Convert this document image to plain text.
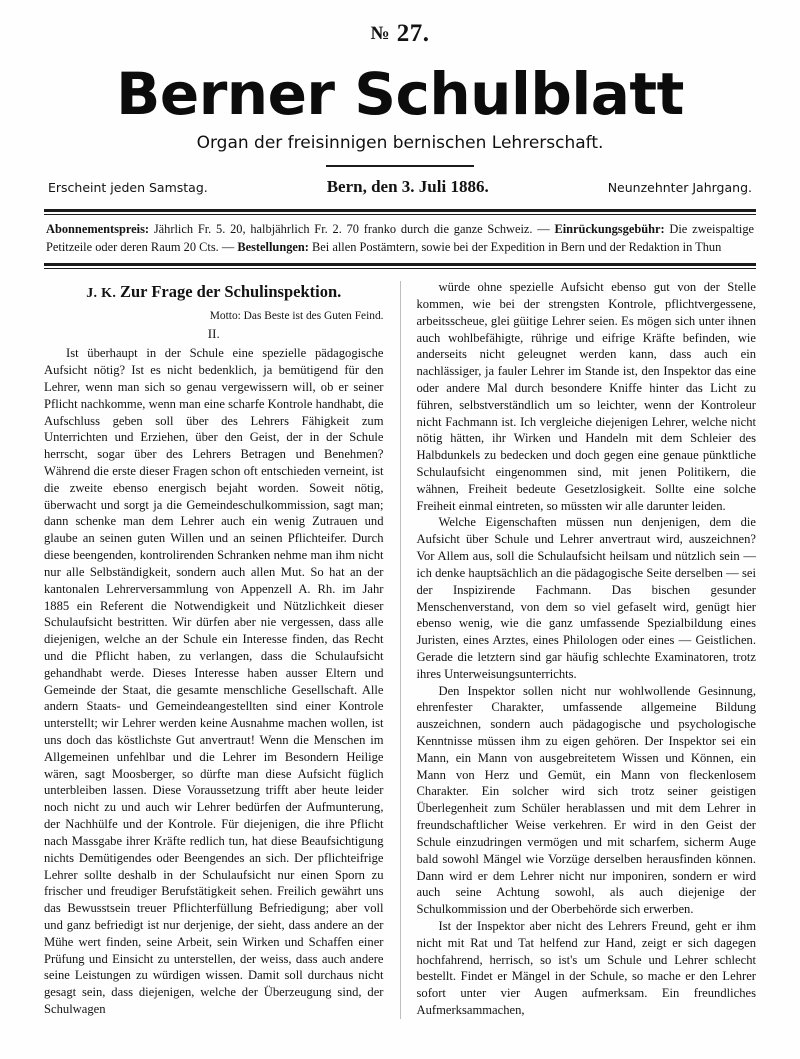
№ 27.
Berner Schulblatt
Organ der freisinnigen bernischen Lehrerschaft.
Erscheint jeden Samstag.	Bern, den 3. Juli 1886.	Neunzehnter Jahrgang.
Abonnementspreis: Jährlich Fr. 5. 20, halbjährlich Fr. 2. 70 franko durch die ganze Schweiz. — Einrückungsgebühr: Die zweispaltige Petitzeile oder deren Raum 20 Cts. — Bestellungen: Bei allen Postämtern, sowie bei der Expedition in Bern und der Redaktion in Thun
J. K. Zur Frage der Schulinspektion.
Motto: Das Beste ist des Guten Feind.
II.

Ist überhaupt in der Schule eine spezielle pädagogische Aufsicht nötig? Ist es nicht bedenklich, ja bemütigend für den Lehrer, wenn man sich so genau vergewissern will, ob er seiner Pflicht nachkomme, wenn man eine scharfe Kontrole handhabt, die Aufschluss geben soll über des Lehrers Fähigkeit zum Unterrichten und Erziehen, über den Geist, der in der Schule herrscht, sogar über des Lehrers Betragen und Benehmen? Während die erste dieser Fragen schon oft entschieden verneint, ist die zweite ebenso energisch bejaht worden. Soweit nötig, überwacht und sorgt ja die Gemeindeschulkommission, sagt man; dann schenke man dem Lehrer auch ein wenig Zutrauen und glaube an seinen guten Willen und an seinen Pflichteifer. Durch diese beengenden, kontrolirenden Schranken nehme man ihm nicht nur alle Selbständigkeit, sondern auch allen Mut. So hat an der kantonalen Lehrerversammlung von Appenzell A. Rh. im Jahr 1885 ein Referent die Notwendigkeit und Nützlichkeit dieser Schulaufsicht bestritten. Wir dürfen aber nie vergessen, dass alle diejenigen, welche an der Schule ein Interesse finden, das Recht und die Pflicht haben, zu verlangen, dass die Schulaufsicht gehandhabt werde. Dieses Interesse haben ausser Eltern und Gemeinde der Staat, die gesamte menschliche Gesellschaft. Alle andern Staats- und Gemeindeangestellten sind einer Kontrole unterstellt; wir Lehrer werden keine Ausnahme machen wollen, ist uns doch das köstlichste Gut anvertraut! Wenn die Menschen im Allgemeinen unfehlbar und die Lehrer im Besondern Heilige wären, sagt Moosberger, so dürfte man diese Aufsicht füglich unterbleiben lassen. Diese Voraussetzung trifft aber heute leider noch nicht zu und auch wir Lehrer bedürfen der Aufmunterung, der Nachhülfe und der Kontrole. Für diejenigen, die ihre Pflicht nach Massgabe ihrer Kräfte redlich tun, hat diese Beaufsichtigung nichts Demütigendes oder Beengendes an sich. Der pflichteifrige Lehrer sollte deshalb in der Schulaufsicht nur einen Sporn zu frischer und freudiger Berufstätigkeit sehen. Freilich gewährt uns das Bewusstsein treuer Pflichterfüllung Befriedigung; aber voll und ganz befriedigt ist nur derjenige, der sieht, dass andere an der Mühe wert finden, seine Arbeit, sein Wirken und Schaffen einer Prüfung und Einsicht zu unterstellen, der weiss, dass auch andere seine Leistungen zu würdigen wissen. Damit soll durchaus nicht gesagt sein, dass diejenigen, welche der Überzeugung sind, der Schulwagen

würde ohne spezielle Aufsicht ebenso gut von der Stelle kommen, wie bei der strengsten Kontrole, pflichtvergessene, arbeitsscheue, glei güitige Lehrer seien. Es mögen sich unter ihnen auch wohlbefähigte, rührige und eifrige Kräfte befinden, wie anderseits nicht geleugnet werden kann, dass auch ein nachlässiger, ja fauler Lehrer im Stande ist, den Inspektor das eine oder andere Mal durch besondere Kniffe hinter das Licht zu führen, selbstverständlich um so leichter, wenn der Kontroleur nicht Fachmann ist. Ich vergleiche diejenigen Lehrer, welche nicht nötig hätten, ihr Wirken und Handeln mit dem Schleier des Halbdunkels zu bedecken und doch gegen eine genaue pünktliche Schulaufsicht eingenommen sind, mit jenen Politikern, die wähnen, Freiheit bedeute Gesetzlosigkeit. Sollte eine solche Freiheit einmal eintreten, so müssten wir alle darunter leiden.

Welche Eigenschaften müssen nun denjenigen, dem die Aufsicht über Schule und Lehrer anvertraut wird, auszeichnen? Vor Allem aus, soll die Schulaufsicht heilsam und nützlich sein — ich denke hauptsächlich an die pädagogische Seite derselben — sei der Inspizirende Fachmann. Das bischen gesunder Menschenverstand, von dem so viel gefaselt wird, genügt hier ebenso wenig, wie die ganz umfassende Spezialbildung eines Juristen, eines Arztes, eines Philologen oder eines — Geistlichen. Gerade die letztern sind gar häufig schlechte Examinatoren, trotz ihres Unterweisungsunterrichts.

Den Inspektor sollen nicht nur wohlwollende Gesinnung, ehrenfester Charakter, umfassende allgemeine Bildung auszeichnen, sondern auch pädagogische und psychologische Kenntnisse müssen ihm zu eigen gehören. Der Inspektor sei ein Mann, ein Mann von ausgebreitetem Wissen und Können, ein Mann von Herz und Gemüt, ein Mann von fleckenlosem Charakter. Ein solcher wird sich trotz seiner geistigen Überlegenheit zum Schüler herablassen und mit dem Lehrer in freundschaftlicher Weise verkehren. Er wird in den Geist der Schule einzudringen vermögen und mit scharfem, sicherm Auge bald sowohl Mängel wie Vorzüge derselben herausfinden können. Dann wird er dem Lehrer nicht nur imponiren, sondern er wird auch seine Achtung sowohl, als auch diejenige der Schulkommission und der Oberbehörde sich erwerben.

Ist der Inspektor aber nicht des Lehrers Freund, geht er ihm nicht mit Rat und Tat helfend zur Hand, zeigt er sich dagegen hochfahrend, herrisch, so ist's um Schule und Lehrer schlecht bestellt. Findet er Mängel in der Schule, so mache er den Lehrer sofort unter vier Augen aufmerksam. Ein freundliches Aufmerksammachen,
